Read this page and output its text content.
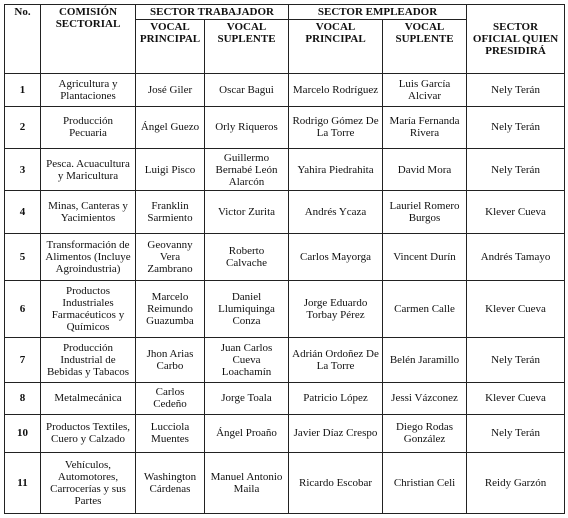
No.	COMISIÓN SECTORIAL	SECTOR TRABAJADOR		SECTOR EMPLEADOR		SECTOR OFICIAL QUIEN PRESIDIRÁ
		VOCAL PRINCIPAL	VOCAL SUPLENTE	VOCAL PRINCIPAL	VOCAL SUPLENTE	
1	Agricultura y Plantaciones	José Giler	Oscar Bagui	Marcelo Rodríguez	Luis García Alcivar	Nely Terán
2	Producción Pecuaria	Ángel Guezo	Orly Riqueros	Rodrigo Gómez De La Torre	María Fernanda Rivera	Nely Terán
3	Pesca. Acuacultura y Maricultura	Luigi Pisco	Guillermo Bernabé León Alarcón	Yahira Piedrahita	David Mora	Nely Terán
4	Minas, Canteras y Yacimientos	Franklin Sarmiento	Victor Zurita	Andrés Ycaza	Lauriel Romero Burgos	Klever Cueva
5	Transformación de Alimentos (Incluye Agroindustria)	Geovanny Vera Zambrano	Roberto Calvache	Carlos Mayorga	Vincent Durín	Andrés Tamayo
6	Productos Industriales Farmacéuticos y Químicos	Marcelo Reimundo Guazumba	Daniel Llumiquinga Conza	Jorge Eduardo Torbay Pérez	Carmen Calle	Klever Cueva
7	Producción Industrial de Bebidas y Tabacos	Jhon Arias Carbo	Juan Carlos Cueva Loachamín	Adrián Ordoñez De La Torre	Belén Jaramillo	Nely Terán
8	Metalmecánica	Carlos Cedeño	Jorge Toala	Patricio López	Jessi Vázconez	Klever Cueva
10	Productos Textiles, Cuero y Calzado	Lucciola Muentes	Ángel Proaño	Javier Díaz Crespo	Diego Rodas González	Nely Terán
11	Vehículos, Automotores, Carrocerías y sus Partes	Washington Cárdenas	Manuel Antonio Maila	Ricardo Escobar	Christian Celi	Reidy Garzón
